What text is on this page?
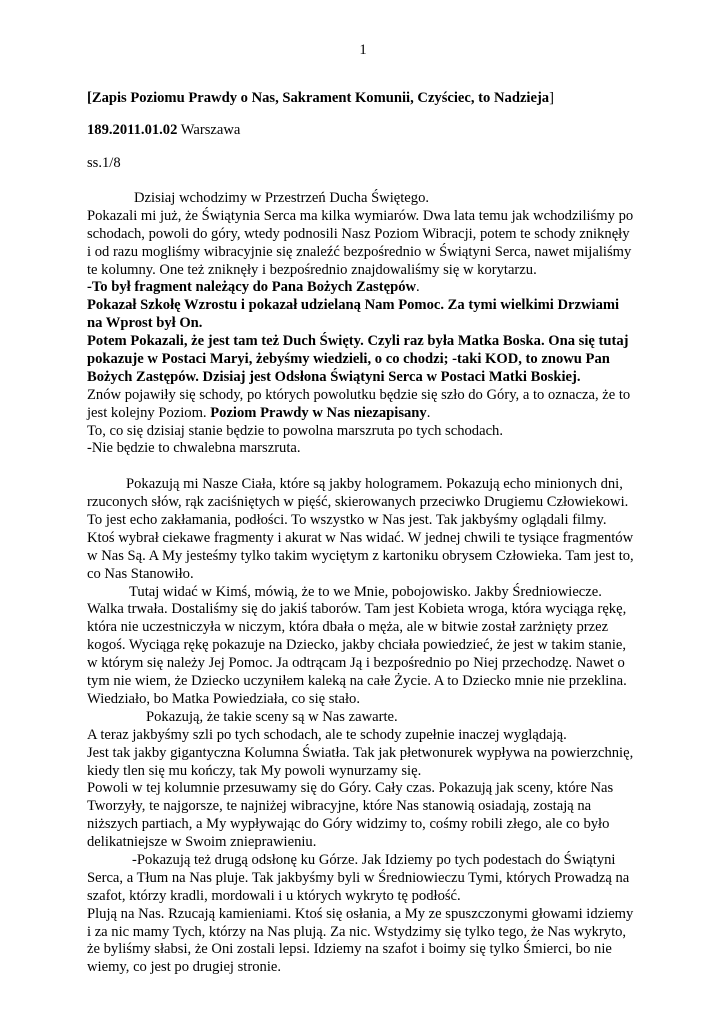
1
[Zapis Poziomu Prawdy o Nas, Sakrament Komunii, Czyściec, to Nadzieja]
189.2011.01.02 Warszawa
ss.1/8
Dzisiaj wchodzimy w Przestrzeń Ducha Świętego.
Pokazali mi już, że Świątynia Serca ma kilka wymiarów. Dwa lata temu jak wchodziliśmy po
schodach, powoli do góry, wtedy podnosili Nasz Poziom Wibracji, potem te schody zniknęły
i od razu mogliśmy wibracyjnie się znaleźć bezpośrednio w Świątyni Serca, nawet mijaliśmy
te kolumny. One też zniknęły i bezpośrednio znajdowaliśmy się w korytarzu.
-To był fragment należący do Pana Bożych Zastępów.
Pokazał Szkołę Wzrostu i pokazał udzielaną Nam Pomoc. Za tymi wielkimi Drzwiami
na Wprost był On.
Potem Pokazali, że jest tam też Duch Święty. Czyli raz była Matka Boska. Ona się tutaj
pokazuje w Postaci Maryi, żebyśmy wiedzieli, o co chodzi; -taki KOD, to znowu Pan
Bożych Zastępów. Dzisiaj jest Odsłona Świątyni Serca w Postaci Matki Boskiej.
Znów pojawiły się schody, po których powolutku będzie się szło do Góry, a to oznacza, że to
jest kolejny Poziom. Poziom Prawdy w Nas niezapisany.
To, co się dzisiaj stanie będzie to powolna marszruta po tych schodach.
-Nie będzie to chwalebna marszruta.
Pokazują mi Nasze Ciała, które są jakby hologramem. Pokazują echo minionych dni,
rzuconych słów, rąk zaciśniętych w pięść, skierowanych przeciwko Drugiemu Człowiekowi.
To jest echo zakłamania, podłości. To wszystko w Nas jest. Tak jakbyśmy oglądali filmy.
Ktoś wybrał ciekawe fragmenty i akurat w Nas widać. W jednej chwili te tysiące fragmentów
w Nas Są. A My jesteśmy tylko takim wyciętym z kartoniku obrysem Człowieka. Tam jest to,
co Nas Stanowiło.
Tutaj widać w Kimś, mówią, że to we Mnie, pobojowisko. Jakby Średniowiecze.
Walka trwała. Dostaliśmy się do jakiś taborów. Tam jest Kobieta wroga, która wyciąga rękę,
która nie uczestniczyła w niczym, która dbała o męża, ale w bitwie został zarżnięty przez
kogoś. Wyciąga rękę pokazuje na Dziecko, jakby chciała powiedzieć, że jest w takim stanie,
w którym się należy Jej Pomoc. Ja odtrącam Ją i bezpośrednio po Niej przechodzę. Nawet o
tym nie wiem, że Dziecko uczyniłem kaleką na całe Życie. A to Dziecko mnie nie przeklina.
Wiedziało, bo Matka Powiedziała, co się stało.
Pokazują, że takie sceny są w Nas zawarte.
A teraz jakbyśmy szli po tych schodach, ale te schody zupełnie inaczej wyglądają.
Jest tak jakby gigantyczna Kolumna Światła. Tak jak płetwonurek wypływa na powierzchnię,
kiedy tlen się mu kończy, tak My powoli wynurzamy się.
Powoli w tej kolumnie przesuwamy się do Góry. Cały czas. Pokazują jak sceny, które Nas
Tworzyły, te najgorsze, te najniżej wibracyjne, które Nas stanowią osiadają, zostają na
niższych partiach, a My wypływając do Góry widzimy to, cośmy robili złego, ale co było
delikatniejsze w Swoim znieprawieniu.
-Pokazują też drugą odsłonę ku Górze. Jak Idziemy po tych podestach do Świątyni
Serca, a Tłum na Nas pluje. Tak jakbyśmy byli w Średniowieczu Tymi, których Prowadzą na
szafot, którzy kradli, mordowali i u których wykryto tę podłość.
Plują na Nas. Rzucają kamieniami. Ktoś się osłania, a My ze spuszczonymi głowami idziemy
i za nic mamy Tych, którzy na Nas plują. Za nic. Wstydzimy się tylko tego, że Nas wykryto,
że byliśmy słabsi, że Oni zostali lepsi. Idziemy na szafot i boimy się tylko Śmierci, bo nie
wiemy, co jest po drugiej stronie.
